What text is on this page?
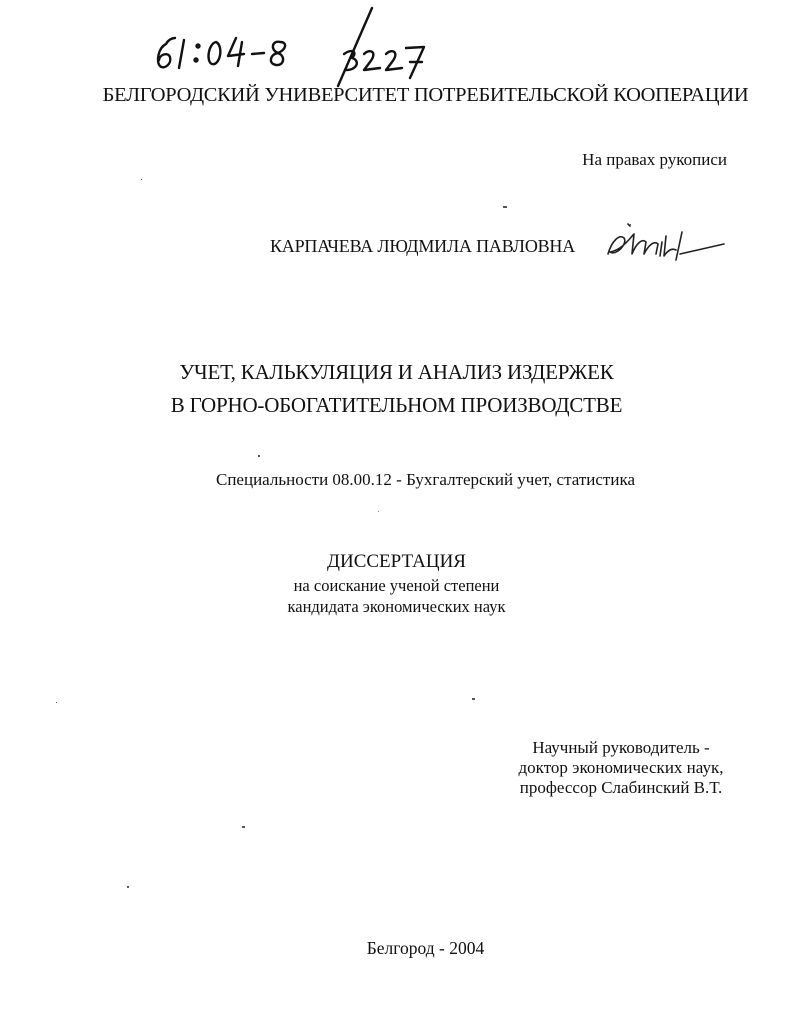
БЕЛГОРОДСКИЙ УНИВЕРСИТЕТ ПОТРЕБИТЕЛЬСКОЙ КООПЕРАЦИИ
На правах рукописи
КАРПАЧЕВА ЛЮДМИЛА ПАВЛОВНА
УЧЕТ, КАЛЬКУЛЯЦИЯ И АНАЛИЗ ИЗДЕРЖЕК
В ГОРНО-ОБОГАТИТЕЛЬНОМ ПРОИЗВОДСТВЕ
Специальности 08.00.12 - Бухгалтерский учет, статистика
ДИССЕРТАЦИЯ
на соискание ученой степени
кандидата экономических наук
Научный руководитель -
доктор экономических наук,
профессор Слабинский В.Т.
Белгород - 2004
